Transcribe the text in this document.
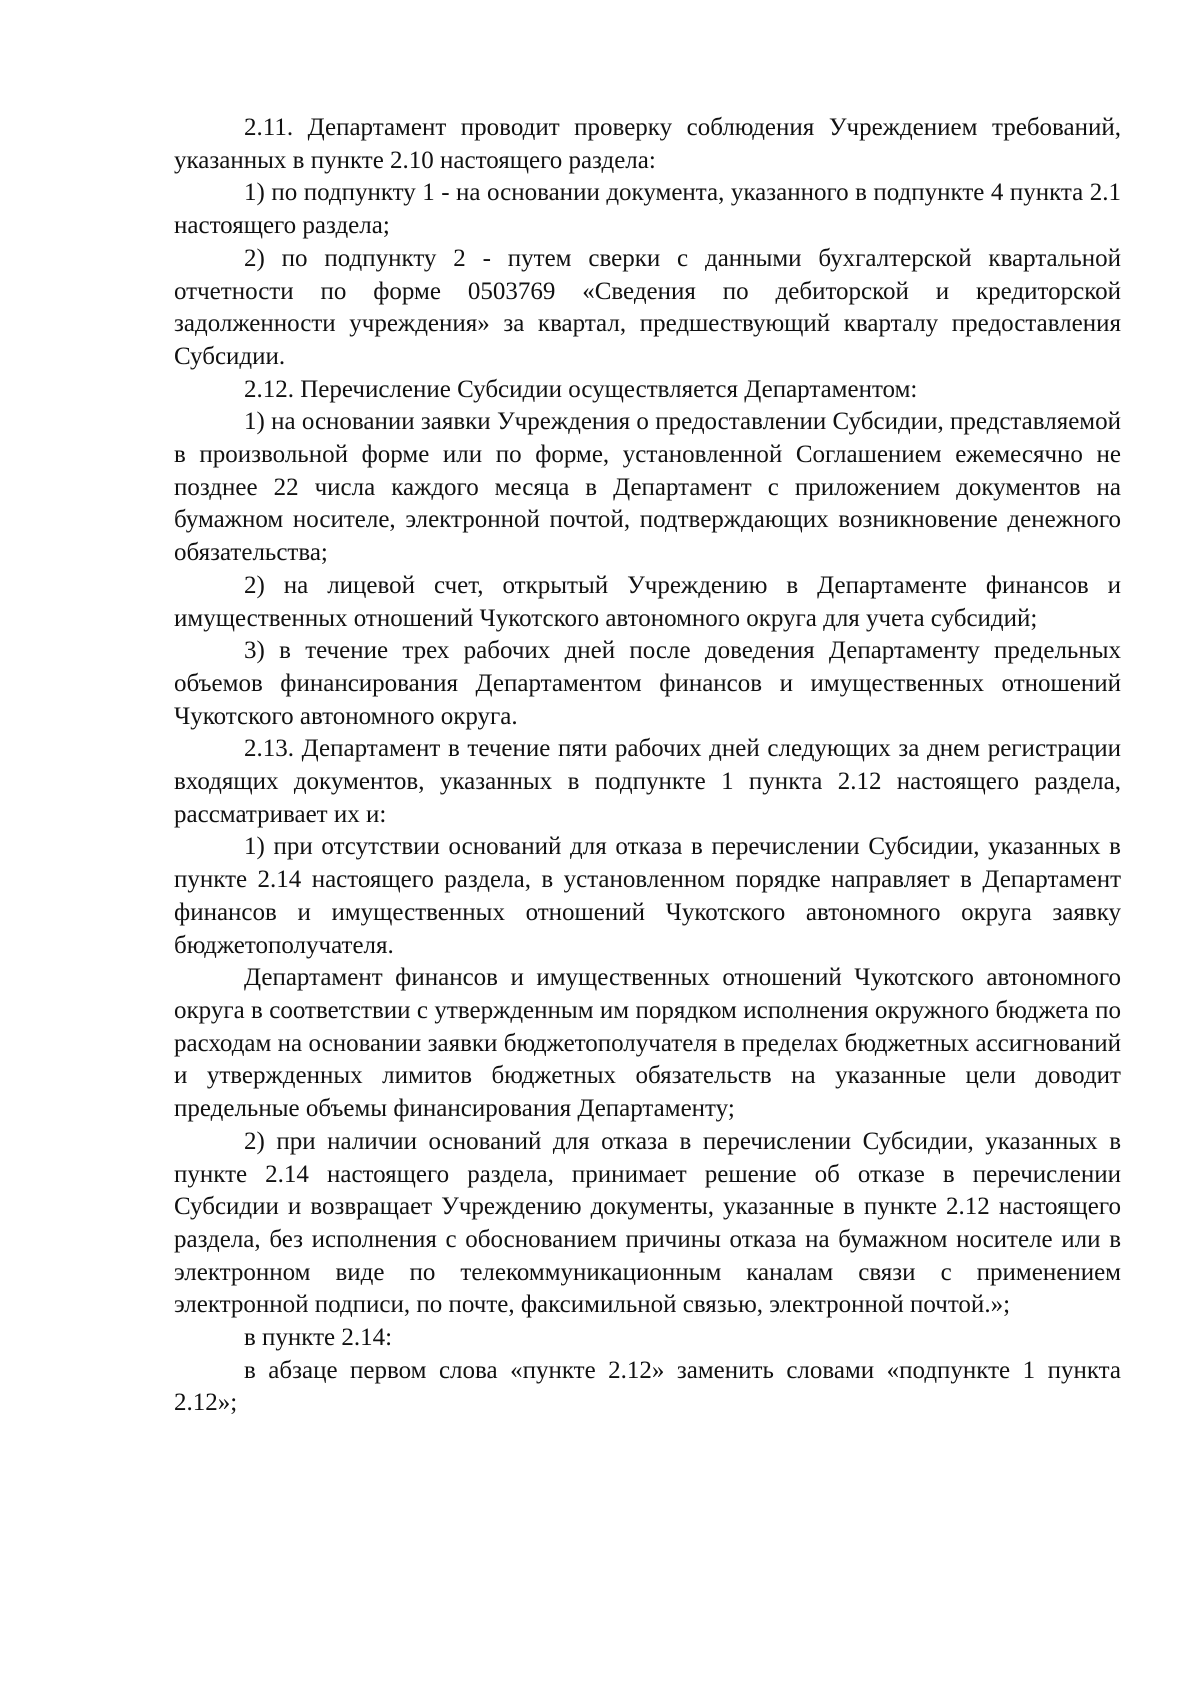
2.11. Департамент проводит проверку соблюдения Учреждением требований, указанных в пункте 2.10 настоящего раздела:

1) по подпункту 1 - на основании документа, указанного в подпункте 4 пункта 2.1 настоящего раздела;

2) по подпункту 2 - путем сверки с данными бухгалтерской квартальной отчетности по форме 0503769 «Сведения по дебиторской и кредиторской задолженности учреждения» за квартал, предшествующий кварталу предоставления Субсидии.

2.12. Перечисление Субсидии осуществляется Департаментом:

1) на основании заявки Учреждения о предоставлении Субсидии, представляемой в произвольной форме или по форме, установленной Соглашением ежемесячно не позднее 22 числа каждого месяца в Департамент с приложением документов на бумажном носителе, электронной почтой, подтверждающих возникновение денежного обязательства;

2) на лицевой счет, открытый Учреждению в Департаменте финансов и имущественных отношений Чукотского автономного округа для учета субсидий;

3) в течение трех рабочих дней после доведения Департаменту предельных объемов финансирования Департаментом финансов и имущественных отношений Чукотского автономного округа.

2.13. Департамент в течение пяти рабочих дней следующих за днем регистрации входящих документов, указанных в подпункте 1 пункта 2.12 настоящего раздела, рассматривает их и:

1) при отсутствии оснований для отказа в перечислении Субсидии, указанных в пункте 2.14 настоящего раздела, в установленном порядке направляет в Департамент финансов и имущественных отношений Чукотского автономного округа заявку бюджетополучателя.

Департамент финансов и имущественных отношений Чукотского автономного округа в соответствии с утвержденным им порядком исполнения окружного бюджета по расходам на основании заявки бюджетополучателя в пределах бюджетных ассигнований и утвержденных лимитов бюджетных обязательств на указанные цели доводит предельные объемы финансирования Департаменту;

2) при наличии оснований для отказа в перечислении Субсидии, указанных в пункте 2.14 настоящего раздела, принимает решение об отказе в перечислении Субсидии и возвращает Учреждению документы, указанные в пункте 2.12 настоящего раздела, без исполнения с обоснованием причины отказа на бумажном носителе или в электронном виде по телекоммуникационным каналам связи с применением электронной подписи, по почте, факсимильной связью, электронной почтой.»;

в пункте 2.14:

в абзаце первом слова «пункте 2.12» заменить словами «подпункте 1 пункта 2.12»;
